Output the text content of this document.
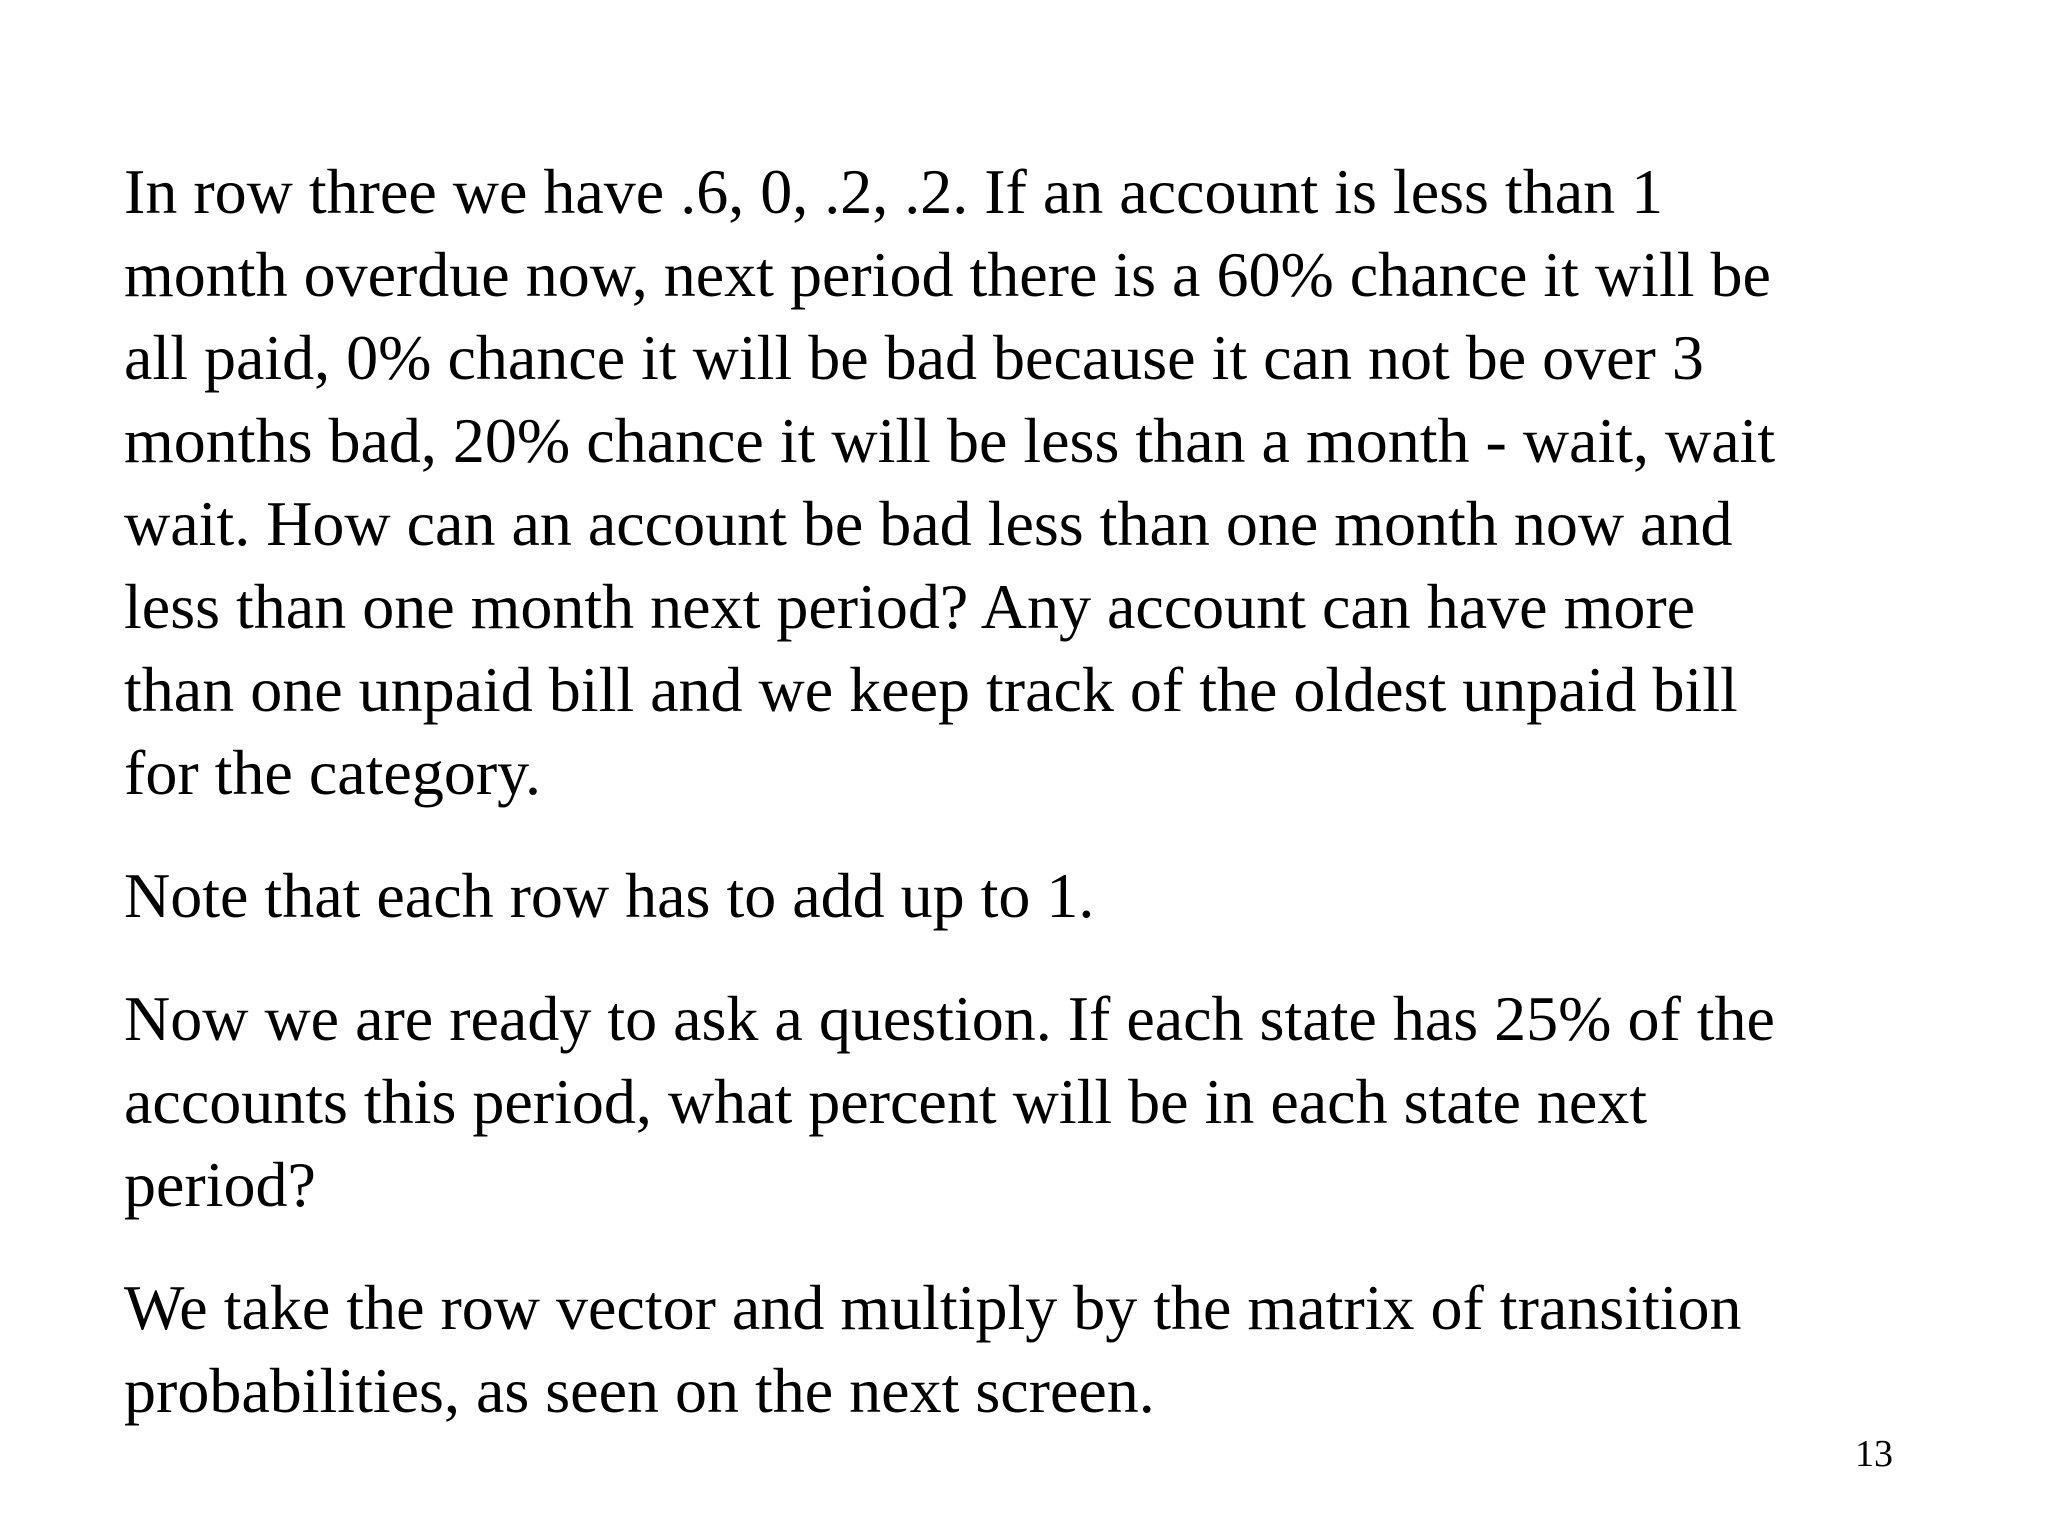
In row three we have .6, 0, .2, .2. If an account is less than 1
month overdue now, next period there is a 60% chance it will be
all paid, 0% chance it will be bad because it can not be over 3
months bad, 20% chance it will be less than a month - wait, wait
wait. How can an account be bad less than one month now and
less than one month next period? Any account can have more
than one unpaid bill and we keep track of the oldest unpaid bill
for the category.

Note that each row has to add up to 1.

Now we are ready to ask a question. If each state has 25% of the
accounts this period, what percent will be in each state next
period?

We take the row vector and multiply by the matrix of transition
probabilities, as seen on the next screen.

13
